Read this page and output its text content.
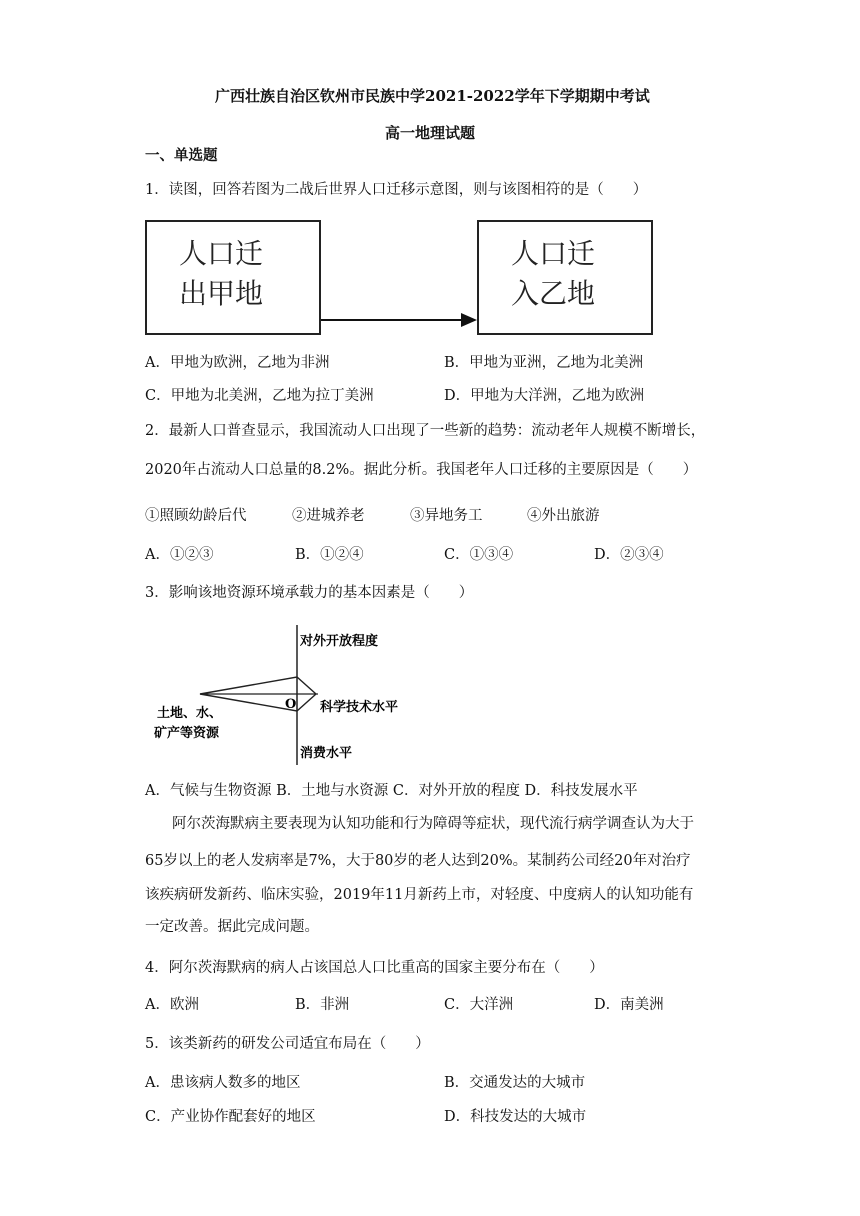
广西壮族自治区钦州市民族中学2021-2022学年下学期期中考试
高一地理试题
一、单选题
1．读图，回答若图为二战后世界人口迁移示意图，则与该图相符的是（　　）
人口迁
出甲地
人口迁
入乙地
A．甲地为欧洲，乙地为非洲	B．甲地为亚洲，乙地为北美洲
C．甲地为北美洲，乙地为拉丁美洲	D．甲地为大洋洲，乙地为欧洲
2．最新人口普查显示，我国流动人口出现了一些新的趋势：流动老年人规模不断增长，
2020年占流动人口总量的8.2%。据此分析。我国老年人口迁移的主要原因是（　　）
①照顾幼龄后代	②进城养老	③异地务工	④外出旅游
A．①②③	B．①②④	C．①③④	D．②③④
3．影响该地资源环境承载力的基本因素是（　　）
对外开放程度
O 科学技术水平
土地、水、
矿产等资源
消费水平
A．气候与生物资源 B．土地与水资源 C．对外开放的程度 D．科技发展水平
阿尔茨海默病主要表现为认知功能和行为障碍等症状，现代流行病学调查认为大于
65岁以上的老人发病率是7%，大于80岁的老人达到20%。某制药公司经20年对治疗
该疾病研发新药、临床实验，2019年11月新药上市，对轻度、中度病人的认知功能有
一定改善。据此完成问题。
4．阿尔茨海默病的病人占该国总人口比重高的国家主要分布在（　　）
A．欧洲	B．非洲	C．大洋洲	D．南美洲
5．该类新药的研发公司适宜布局在（　　）
A．患该病人数多的地区	B．交通发达的大城市
C．产业协作配套好的地区	D．科技发达的大城市
